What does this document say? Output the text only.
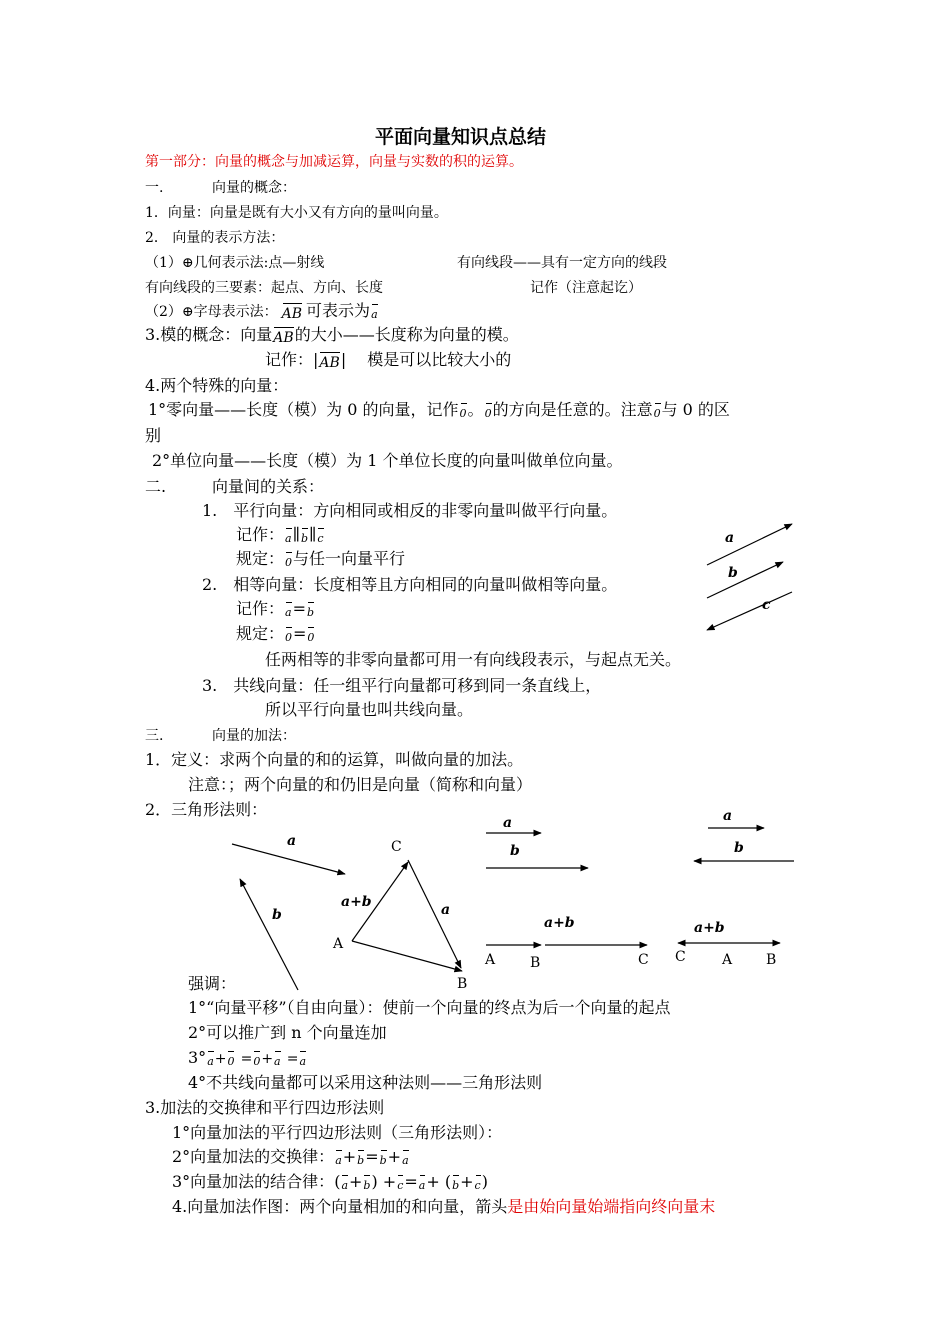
平面向量知识点总结
第一部分：向量的概念与加减运算，向量与实数的积的运算。
一.	向量的概念：
1．向量：向量是既有大小又有方向的量叫向量。
2． 向量的表示方法：
（1）⊕几何表示法:点—射线	有向线段——具有一定方向的线段
有向线段的三要素：起点、方向、长度	记作（注意起讫）
（2）⊕字母表示法： AB 可表示为a
3.模的概念：向量AB的大小——长度称为向量的模。
记作：|AB|　 模是可以比较大小的
4.两个特殊的向量：
1°零向量——长度（模）为 0 的向量，记作0。0的方向是任意的。注意0与 0 的区
别
2°单位向量——长度（模）为 1 个单位长度的向量叫做单位向量。
二.	向量间的关系：
1.　平行向量：方向相同或相反的非零向量叫做平行向量。
记作：a∥b∥c
规定：0与任一向量平行
2.　相等向量：长度相等且方向相同的向量叫做相等向量。
记作：a=b
规定：0=0
任两相等的非零向量都可用一有向线段表示，与起点无关。
3.　共线向量：任一组平行向量都可移到同一条直线上，
所以平行向量也叫共线向量。
a
b
c
三.	向量的加法：
1．定义：求两个向量的和的运算，叫做向量的加法。
注意：；两个向量的和仍旧是向量（简称和向量）
2．三角形法则：
a
b
C
a+b	a
A
B
a
b
a+b
A B	C
a
b
a+b
C	A B
强调：
1°“向量平移”（自由向量）：使前一个向量的终点为后一个向量的起点
2°可以推广到 n 个向量连加
3°a+0 =0+a =a
4°不共线向量都可以采用这种法则——三角形法则
3.加法的交换律和平行四边形法则
1°向量加法的平行四边形法则（三角形法则）：
2°向量加法的交换律：a+b=b+a
3°向量加法的结合律：(a+b) +c=a+ (b+c)
4.向量加法作图：两个向量相加的和向量，箭头是由始向量始端指向终向量末
